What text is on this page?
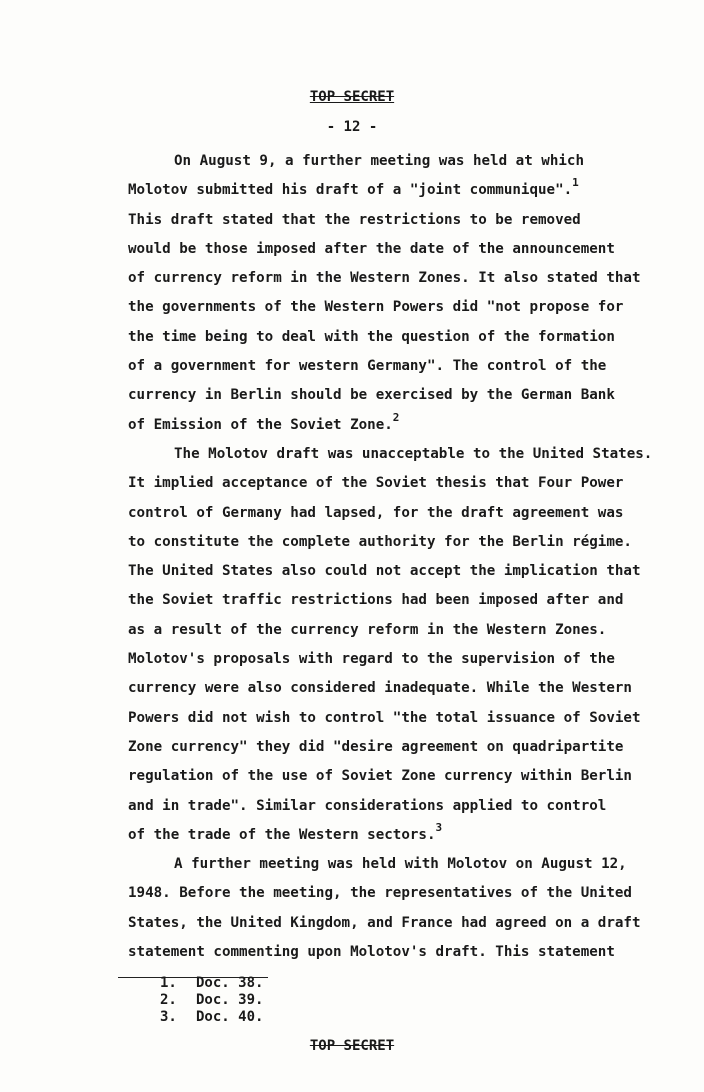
TOP SECRET
- 12 -
On August 9, a further meeting was held at which
Molotov submitted his draft of a "joint communique".$^1$
This draft stated that the restrictions to be removed
would be those imposed after the date of the announcement
of currency reform in the Western Zones. It also stated that
the governments of the Western Powers did "not propose for
the time being to deal with the question of the formation
of a government for western Germany". The control of the
currency in Berlin should be exercised by the German Bank
of Emission of the Soviet Zone.$^2$
The Molotov draft was unacceptable to the United States.
It implied acceptance of the Soviet thesis that Four Power
control of Germany had lapsed, for the draft agreement was
to constitute the complete authority for the Berlin régime.
The United States also could not accept the implication that
the Soviet traffic restrictions had been imposed after and
as a result of the currency reform in the Western Zones.
Molotov's proposals with regard to the supervision of the
currency were also considered inadequate. While the Western
Powers did not wish to control "the total issuance of Soviet
Zone currency" they did "desire agreement on quadripartite
regulation of the use of Soviet Zone currency within Berlin
and in trade". Similar considerations applied to control
of the trade of the Western sectors.$^3$
A further meeting was held with Molotov on August 12,
1948. Before the meeting, the representatives of the United
States, the United Kingdom, and France had agreed on a draft
statement commenting upon Molotov's draft. This statement
1. Doc. 38.
2. Doc. 39.
3. Doc. 40.
TOP SECRET
